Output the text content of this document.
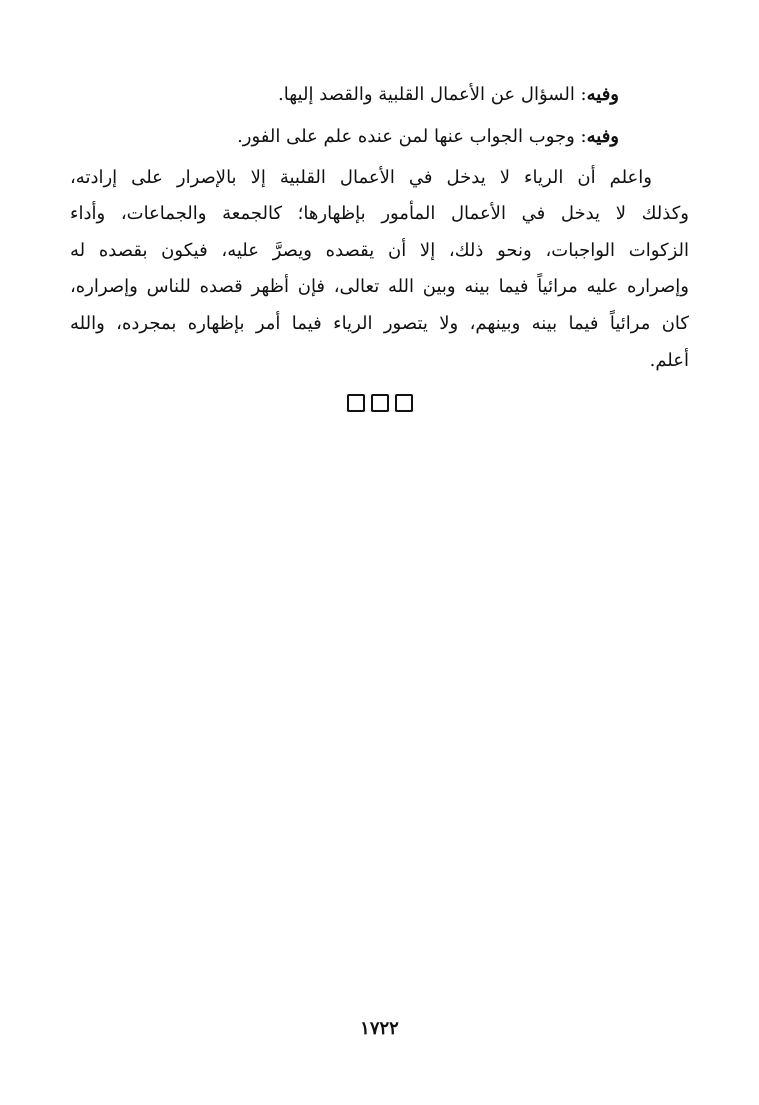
وفيه: السؤال عن الأعمال القلبية والقصد إليها.
وفيه: وجوب الجواب عنها لمن عنده علم على الفور.
واعلم أن الرياء لا يدخل في الأعمال القلبية إلا بالإصرار على إرادته،
وكذلك لا يدخل في الأعمال المأمور بإظهارها؛ كالجمعة والجماعات، وأداء
الزكوات الواجبات، ونحو ذلك، إلا أن يقصده ويصرَّ عليه، فيكون بقصده له
وإصراره عليه مرائياً فيما بينه وبين الله تعالى، فإن أظهر قصده للناس وإصراره،
كان مرائياً فيما بينه وبينهم، ولا يتصور الرياء فيما أمر بإظهاره بمجرده، والله
أعلم.
١٧٢٢
